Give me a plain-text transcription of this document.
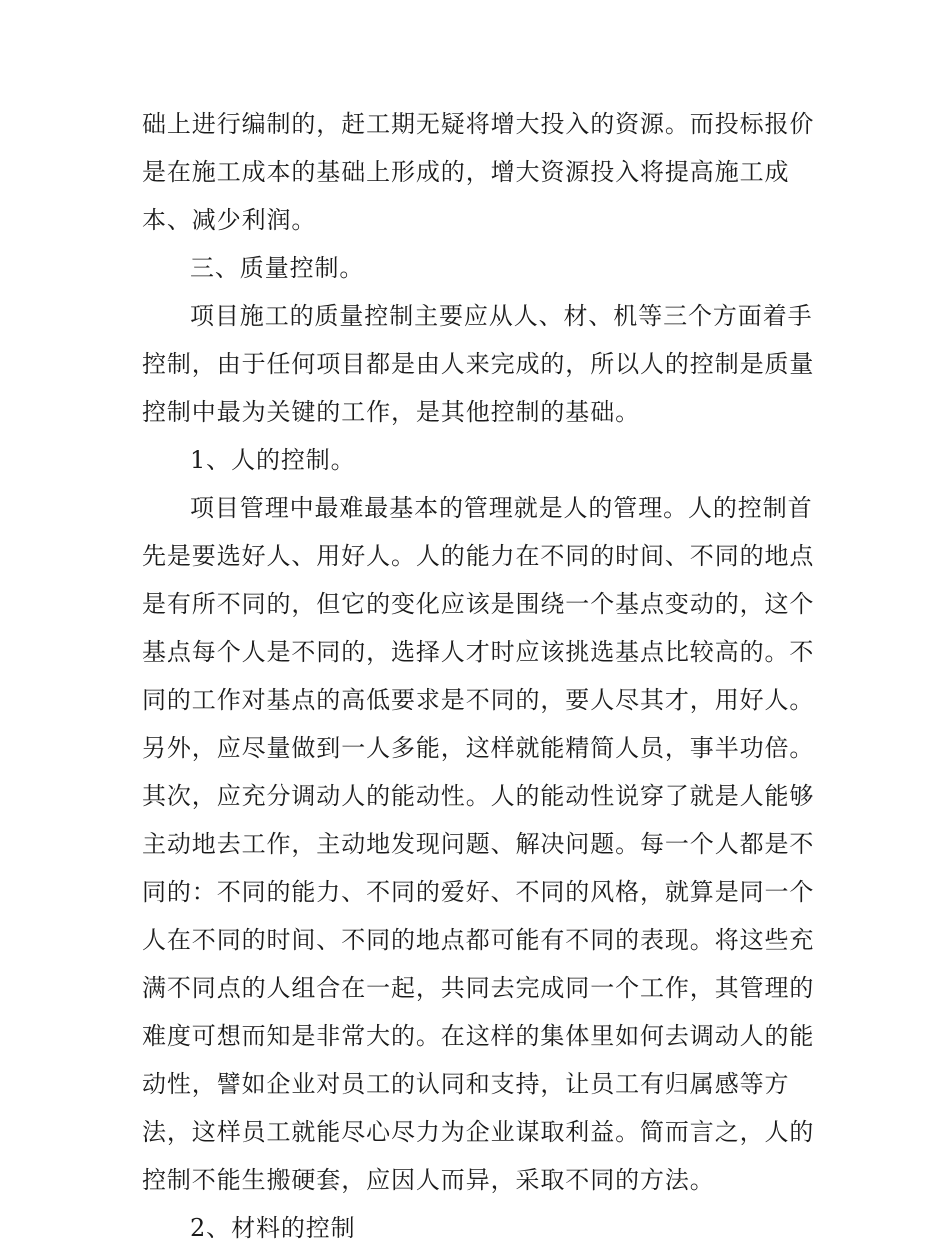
础上进行编制的，赶工期无疑将增大投入的资源。而投标报价
是在施工成本的基础上形成的，增大资源投入将提高施工成
本、减少利润。
三、质量控制。
项目施工的质量控制主要应从人、材、机等三个方面着手
控制，由于任何项目都是由人来完成的，所以人的控制是质量
控制中最为关键的工作，是其他控制的基础。
1、人的控制。
项目管理中最难最基本的管理就是人的管理。人的控制首
先是要选好人、用好人。人的能力在不同的时间、不同的地点
是有所不同的，但它的变化应该是围绕一个基点变动的，这个
基点每个人是不同的，选择人才时应该挑选基点比较高的。不
同的工作对基点的高低要求是不同的，要人尽其才，用好人。
另外，应尽量做到一人多能，这样就能精简人员，事半功倍。
其次，应充分调动人的能动性。人的能动性说穿了就是人能够
主动地去工作，主动地发现问题、解决问题。每一个人都是不
同的：不同的能力、不同的爱好、不同的风格，就算是同一个
人在不同的时间、不同的地点都可能有不同的表现。将这些充
满不同点的人组合在一起，共同去完成同一个工作，其管理的
难度可想而知是非常大的。在这样的集体里如何去调动人的能
动性，譬如企业对员工的认同和支持，让员工有归属感等方
法，这样员工就能尽心尽力为企业谋取利益。简而言之，人的
控制不能生搬硬套，应因人而异，采取不同的方法。
2、材料的控制
